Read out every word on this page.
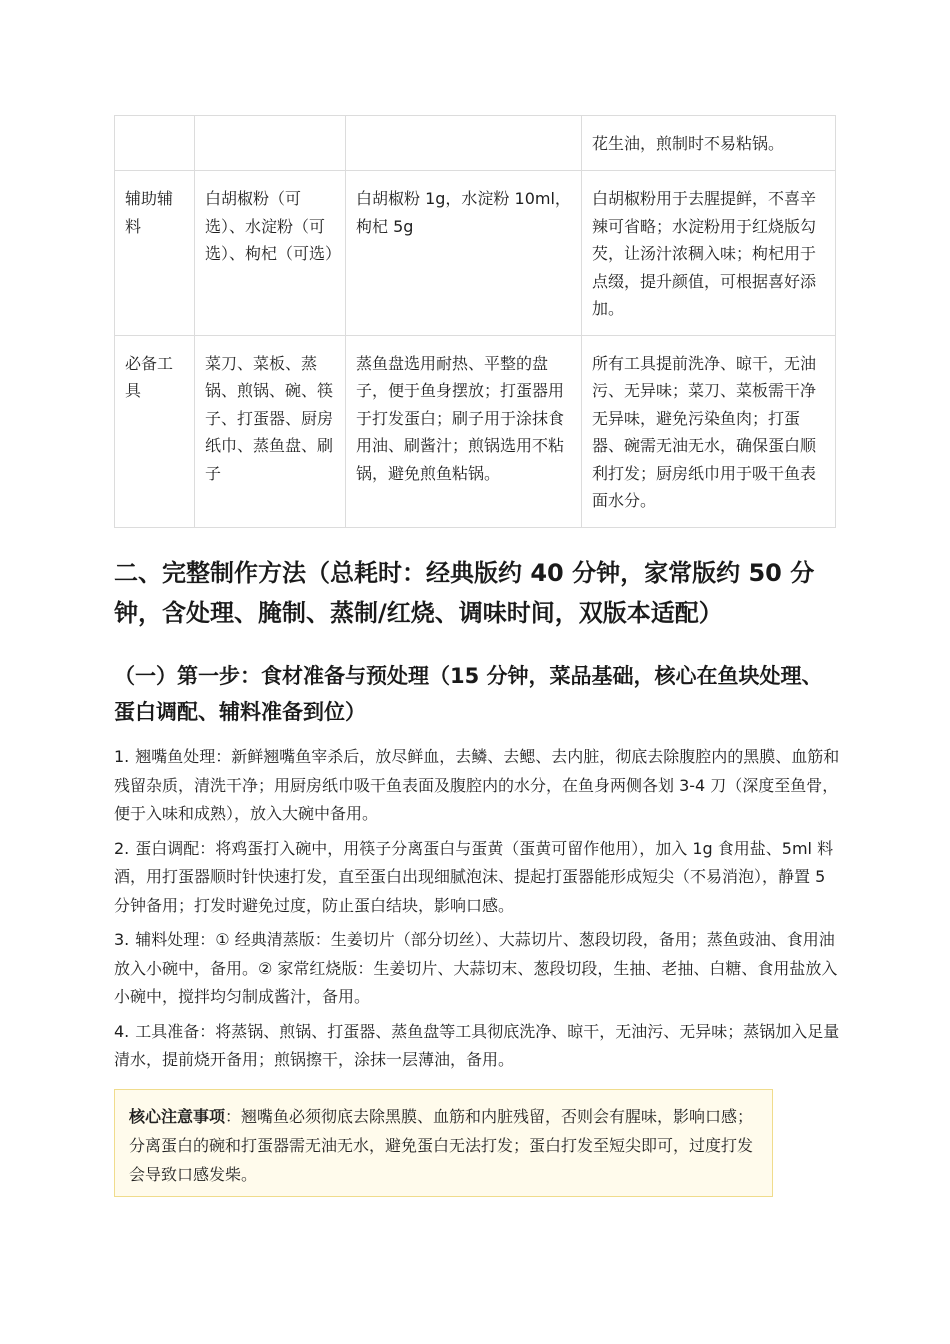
			花生油，煎制时不易粘锅。
辅助辅料	白胡椒粉（可选）、水淀粉（可选）、枸杞（可选）	白胡椒粉 1g，水淀粉 10ml，枸杞 5g	白胡椒粉用于去腥提鲜，不喜辛辣可省略；水淀粉用于红烧版勾芡，让汤汁浓稠入味；枸杞用于点缀，提升颜值，可根据喜好添加。
必备工具	菜刀、菜板、蒸锅、煎锅、碗、筷子、打蛋器、厨房纸巾、蒸鱼盘、刷子	蒸鱼盘选用耐热、平整的盘子，便于鱼身摆放；打蛋器用于打发蛋白；刷子用于涂抹食用油、刷酱汁；煎锅选用不粘锅，避免煎鱼粘锅。	所有工具提前洗净、晾干，无油污、无异味；菜刀、菜板需干净无异味，避免污染鱼肉；打蛋器、碗需无油无水，确保蛋白顺利打发；厨房纸巾用于吸干鱼表面水分。
二、完整制作方法（总耗时：经典版约 40 分钟，家常版约 50 分钟，含处理、腌制、蒸制/红烧、调味时间，双版本适配）
（一）第一步：食材准备与预处理（15 分钟，菜品基础，核心在鱼块处理、蛋白调配、辅料准备到位）

1. 翘嘴鱼处理：新鲜翘嘴鱼宰杀后，放尽鲜血，去鳞、去鳃、去内脏，彻底去除腹腔内的黑膜、血筋和残留杂质，清洗干净；用厨房纸巾吸干鱼表面及腹腔内的水分，在鱼身两侧各划 3-4 刀（深度至鱼骨，便于入味和成熟），放入大碗中备用。

2. 蛋白调配：将鸡蛋打入碗中，用筷子分离蛋白与蛋黄（蛋黄可留作他用），加入 1g 食用盐、5ml 料酒，用打蛋器顺时针快速打发，直至蛋白出现细腻泡沫、提起打蛋器能形成短尖（不易消泡），静置 5 分钟备用；打发时避免过度，防止蛋白结块，影响口感。

3. 辅料处理：① 经典清蒸版：生姜切片（部分切丝）、大蒜切片、葱段切段，备用；蒸鱼豉油、食用油放入小碗中，备用。② 家常红烧版：生姜切片、大蒜切末、葱段切段，生抽、老抽、白糖、食用盐放入小碗中，搅拌均匀制成酱汁，备用。

4. 工具准备：将蒸锅、煎锅、打蛋器、蒸鱼盘等工具彻底洗净、晾干，无油污、无异味；蒸锅加入足量清水，提前烧开备用；煎锅擦干，涂抹一层薄油，备用。

核心注意事项：翘嘴鱼必须彻底去除黑膜、血筋和内脏残留，否则会有腥味，影响口感；分离蛋白的碗和打蛋器需无油无水，避免蛋白无法打发；蛋白打发至短尖即可，过度打发会导致口感发柴。
